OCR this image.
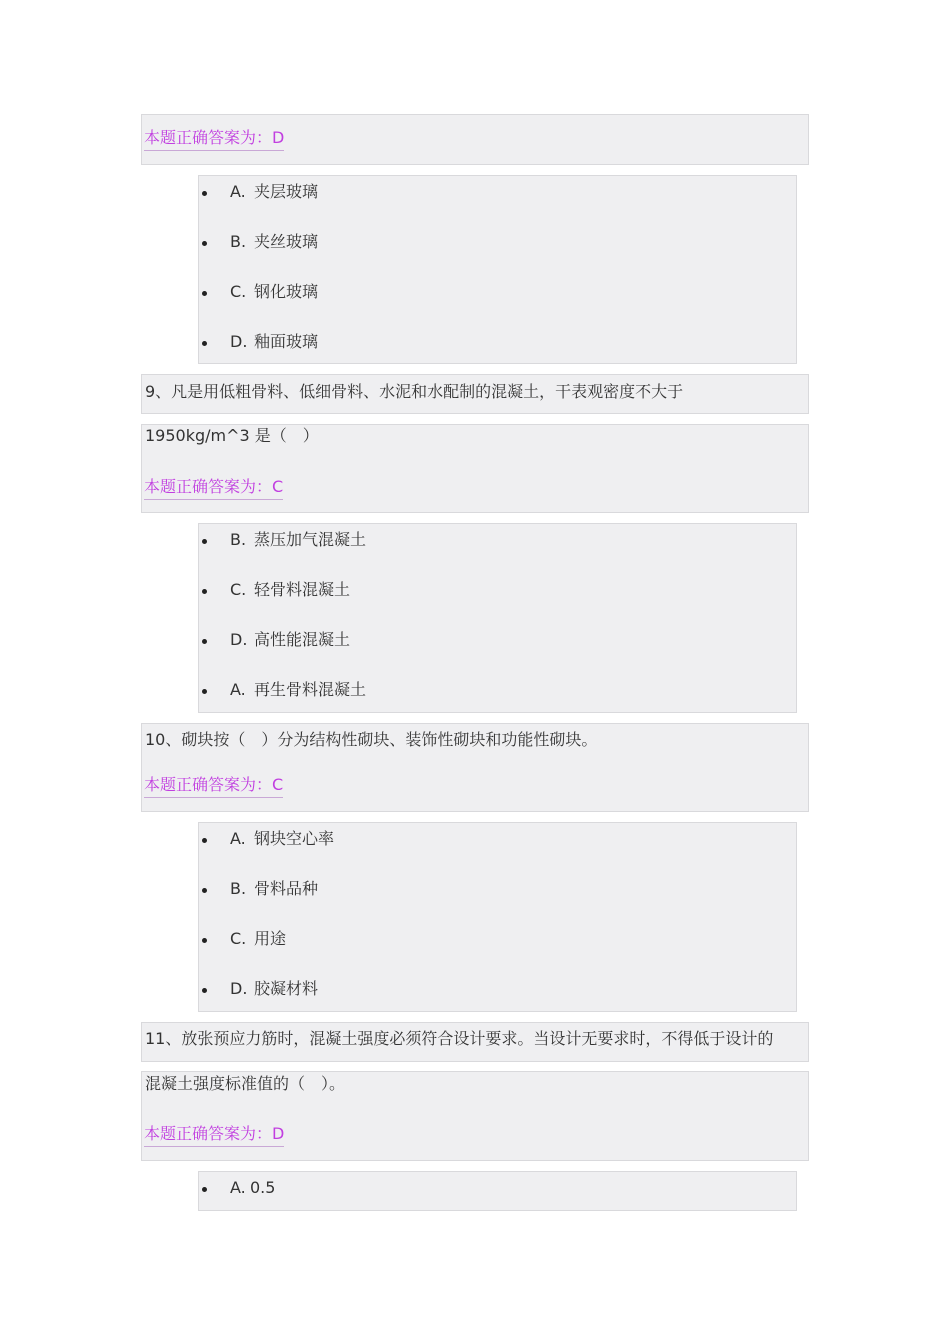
本题正确答案为：D
A. 夹层玻璃
B. 夹丝玻璃
C. 钢化玻璃
D. 釉面玻璃
9、凡是用低粗骨料、低细骨料、水泥和水配制的混凝土，干表观密度不大于
1950kg/m^3 是（　）
本题正确答案为：C
B. 蒸压加气混凝土
C. 轻骨料混凝土
D. 高性能混凝土
A. 再生骨料混凝土
10、砌块按（　）分为结构性砌块、装饰性砌块和功能性砌块。
本题正确答案为：C
A. 钢块空心率
B. 骨料品种
C. 用途
D. 胶凝材料
11、放张预应力筋时，混凝土强度必须符合设计要求。当设计无要求时，不得低于设计的
混凝土强度标准值的（　）。
本题正确答案为：D
A. 0.5
